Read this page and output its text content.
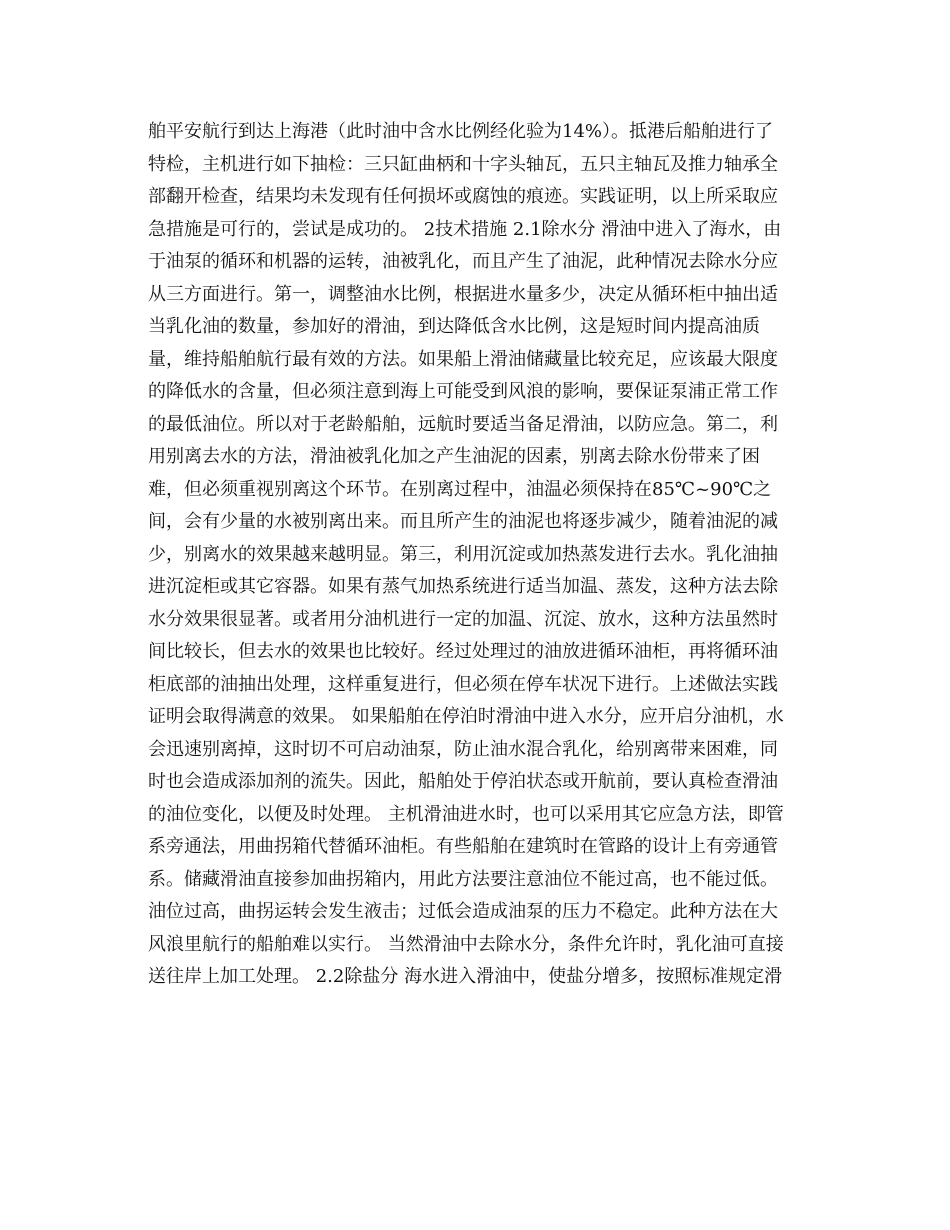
舶平安航行到达上海港（此时油中含水比例经化验为14%）。抵港后船舶进行了
特检，主机进行如下抽检：三只缸曲柄和十字头轴瓦，五只主轴瓦及推力轴承全
部翻开检查，结果均未发现有任何损坏或腐蚀的痕迹。实践证明，以上所采取应
急措施是可行的，尝试是成功的。 2技术措施 2.1除水分 滑油中进入了海水，由
于油泵的循环和机器的运转，油被乳化，而且产生了油泥，此种情况去除水分应
从三方面进行。第一，调整油水比例，根据进水量多少，决定从循环柜中抽出适
当乳化油的数量，参加好的滑油，到达降低含水比例，这是短时间内提高油质
量，维持船舶航行最有效的方法。如果船上滑油储藏量比较充足，应该最大限度
的降低水的含量，但必须注意到海上可能受到风浪的影响，要保证泵浦正常工作
的最低油位。所以对于老龄船舶，远航时要适当备足滑油，以防应急。第二，利
用别离去水的方法，滑油被乳化加之产生油泥的因素，别离去除水份带来了困
难，但必须重视别离这个环节。在别离过程中，油温必须保持在85℃~90℃之
间，会有少量的水被别离出来。而且所产生的油泥也将逐步减少，随着油泥的减
少，别离水的效果越来越明显。第三，利用沉淀或加热蒸发进行去水。乳化油抽
进沉淀柜或其它容器。如果有蒸气加热系统进行适当加温、蒸发，这种方法去除
水分效果很显著。或者用分油机进行一定的加温、沉淀、放水，这种方法虽然时
间比较长，但去水的效果也比较好。经过处理过的油放进循环油柜，再将循环油
柜底部的油抽出处理，这样重复进行，但必须在停车状况下进行。上述做法实践
证明会取得满意的效果。 如果船舶在停泊时滑油中进入水分，应开启分油机，水
会迅速别离掉，这时切不可启动油泵，防止油水混合乳化，给别离带来困难，同
时也会造成添加剂的流失。因此，船舶处于停泊状态或开航前，要认真检查滑油
的油位变化，以便及时处理。 主机滑油进水时，也可以采用其它应急方法，即管
系旁通法，用曲拐箱代替循环油柜。有些船舶在建筑时在管路的设计上有旁通管
系。储藏滑油直接参加曲拐箱内，用此方法要注意油位不能过高，也不能过低。
油位过高，曲拐运转会发生液击；过低会造成油泵的压力不稳定。此种方法在大
风浪里航行的船舶难以实行。 当然滑油中去除水分，条件允许时，乳化油可直接
送往岸上加工处理。 2.2除盐分 海水进入滑油中，使盐分增多，按照标准规定滑
